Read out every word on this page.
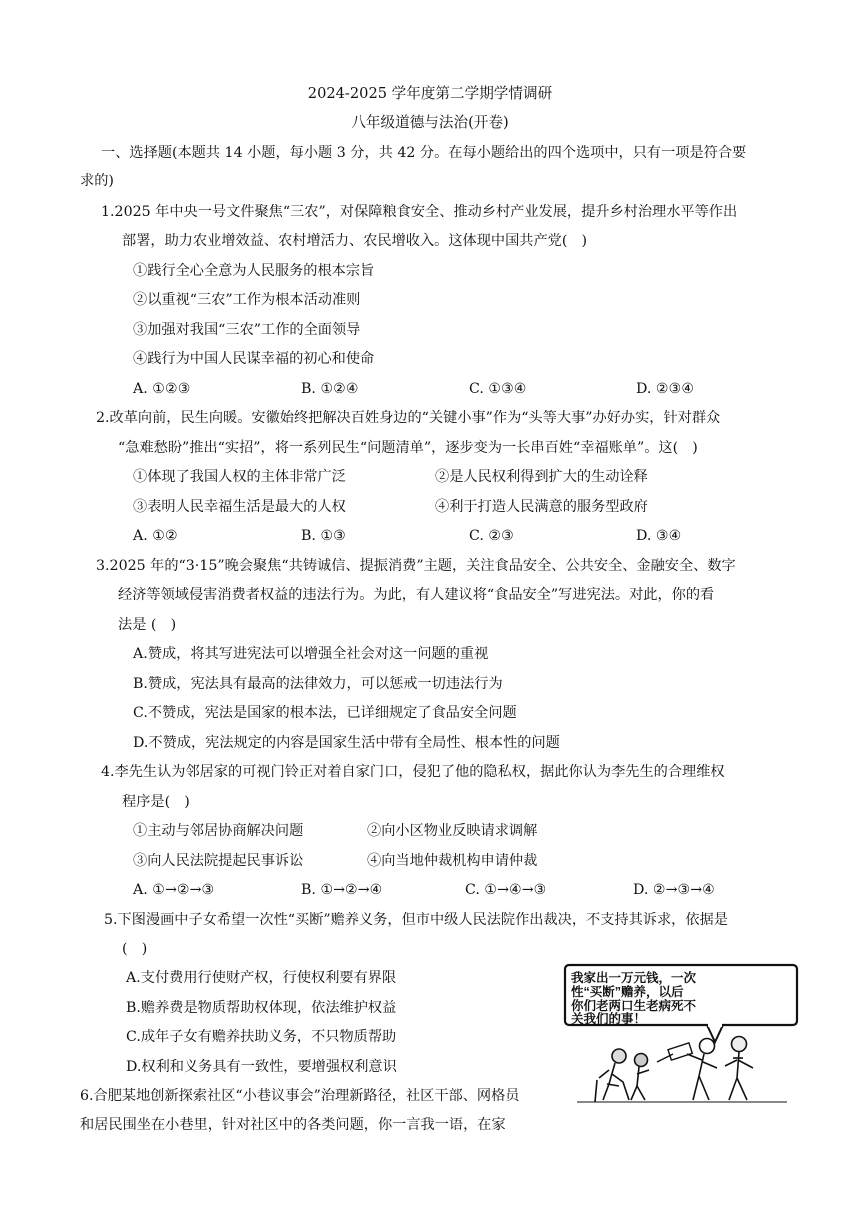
2024-2025 学年度第二学期学情调研
八年级道德与法治(开卷)
一、选择题(本题共 14 小题，每小题 3 分，共 42 分。在每小题给出的四个选项中，只有一项是符合要
求的)
1.2025 年中央一号文件聚焦“三农”，对保障粮食安全、推动乡村产业发展，提升乡村治理水平等作出
部署，助力农业增效益、农村增活力、农民增收入。这体现中国共产党(　)
①践行全心全意为人民服务的根本宗旨
②以重视“三农”工作为根本活动准则
③加强对我国“三农”工作的全面领导
④践行为中国人民谋幸福的初心和使命
A. ①②③	B. ①②④	C. ①③④	D. ②③④
2.改革向前，民生向暖。安徽始终把解决百姓身边的“关键小事”作为“头等大事”办好办实，针对群众
“急难愁盼”推出“实招”，将一系列民生“问题清单”，逐步变为一长串百姓“幸福账单”。这(　)
①体现了我国人权的主体非常广泛	②是人民权利得到扩大的生动诠释
③表明人民幸福生活是最大的人权	④利于打造人民满意的服务型政府
A. ①②	B. ①③	C. ②③	D. ③④
3.2025 年的“3·15”晚会聚焦“共铸诚信、提振消费”主题，关注食品安全、公共安全、金融安全、数字
经济等领域侵害消费者权益的违法行为。为此，有人建议将“食品安全”写进宪法。对此，你的看
法是 (　)
A.赞成，将其写进宪法可以增强全社会对这一问题的重视
B.赞成，宪法具有最高的法律效力，可以惩戒一切违法行为
C.不赞成，宪法是国家的根本法，已详细规定了食品安全问题
D.不赞成，宪法规定的内容是国家生活中带有全局性、根本性的问题
4.李先生认为邻居家的可视门铃正对着自家门口，侵犯了他的隐私权，据此你认为李先生的合理维权
程序是(　)
①主动与邻居协商解决问题	②向小区物业反映请求调解
③向人民法院提起民事诉讼	④向当地仲裁机构申请仲裁
A. ①→②→③	B. ①→②→④	C. ①→④→③	D. ②→③→④
5.下图漫画中子女希望一次性“买断”赡养义务，但市中级人民法院作出裁决，不支持其诉求，依据是
(　)
A.支付费用行使财产权，行使权利要有界限
B.赡养费是物质帮助权体现，依法维护权益
C.成年子女有赡养扶助义务，不只物质帮助
D.权利和义务具有一致性，要增强权利意识
我家出一万元钱，一次
性“买断”赡养，以后
你们老两口生老病死不
关我们的事！
6.合肥某地创新探索社区“小巷议事会”治理新路径，社区干部、网格员
和居民围坐在小巷里，针对社区中的各类问题，你一言我一语，在家
